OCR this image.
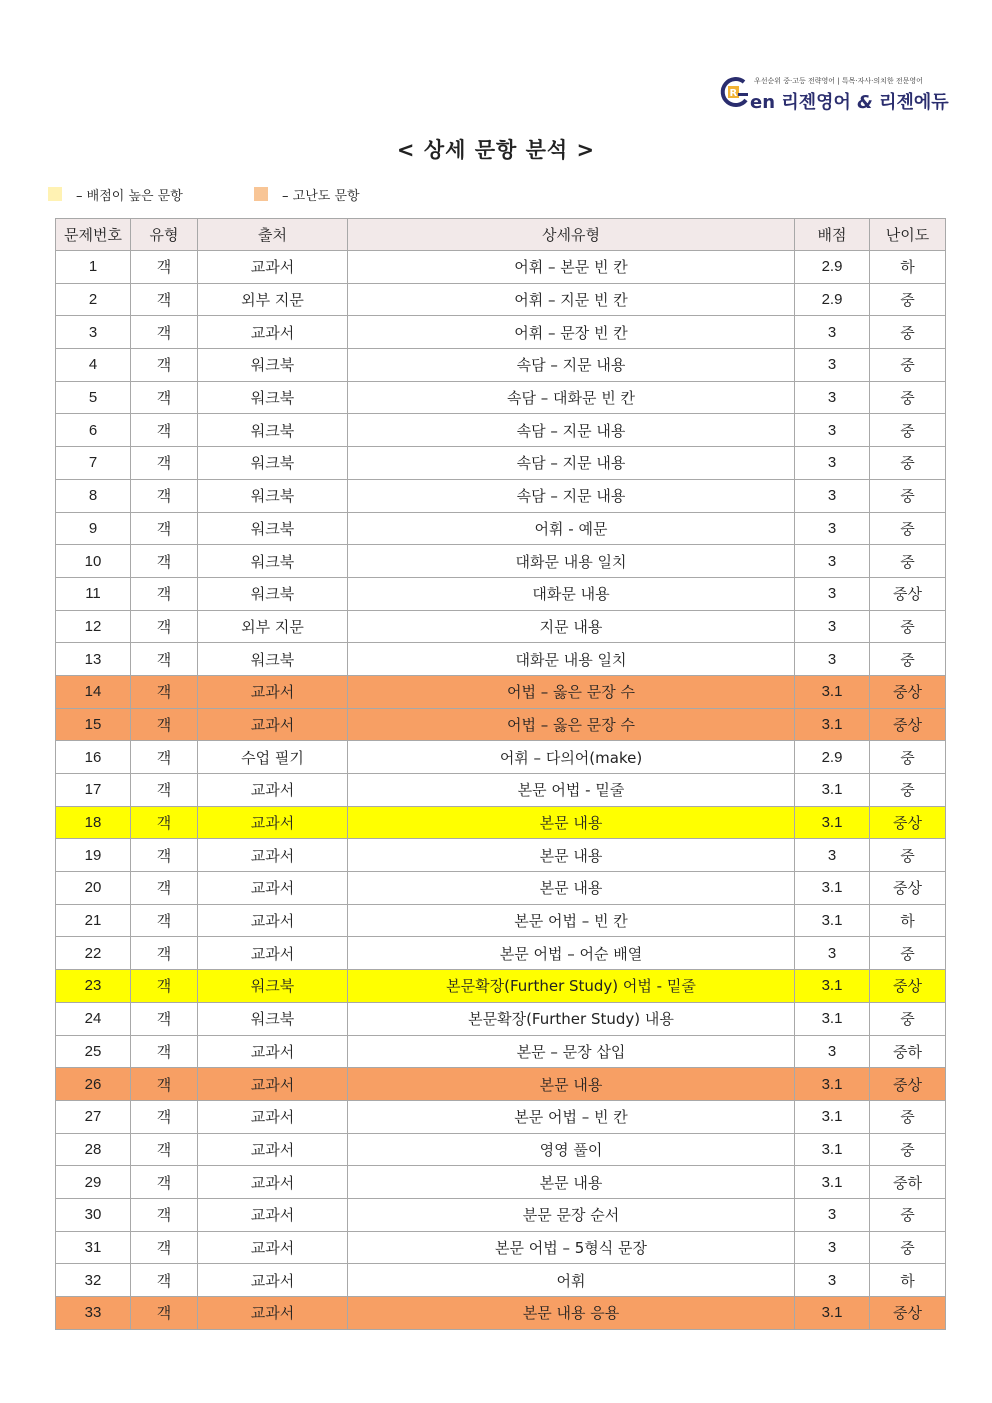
우선순위 중·고등 전략영어 | 특목·자사·의치한 전문영어
R en 리젠영어 & 리젠에듀
< 상세 문항 분석 >
– 배점이 높은 문항	– 고난도 문항
문제번호	유형	출처	상세유형	배점	난이도
1	객	교과서	어휘 – 본문 빈 칸	2.9	하
2	객	외부 지문	어휘 – 지문 빈 칸	2.9	중
3	객	교과서	어휘 – 문장 빈 칸	3	중
4	객	워크북	속담 – 지문 내용	3	중
5	객	워크북	속담 – 대화문 빈 칸	3	중
6	객	워크북	속담 – 지문 내용	3	중
7	객	워크북	속담 – 지문 내용	3	중
8	객	워크북	속담 – 지문 내용	3	중
9	객	워크북	어휘 - 예문	3	중
10	객	워크북	대화문 내용 일치	3	중
11	객	워크북	대화문 내용	3	중상
12	객	외부 지문	지문 내용	3	중
13	객	워크북	대화문 내용 일치	3	중
14	객	교과서	어법 – 옳은 문장 수	3.1	중상
15	객	교과서	어법 – 옳은 문장 수	3.1	중상
16	객	수업 필기	어휘 – 다의어(make)	2.9	중
17	객	교과서	본문 어법 - 밑줄	3.1	중
18	객	교과서	본문 내용	3.1	중상
19	객	교과서	본문 내용	3	중
20	객	교과서	본문 내용	3.1	중상
21	객	교과서	본문 어법 – 빈 칸	3.1	하
22	객	교과서	본문 어법 – 어순 배열	3	중
23	객	워크북	본문확장(Further Study) 어법 - 밑줄	3.1	중상
24	객	워크북	본문확장(Further Study) 내용	3.1	중
25	객	교과서	본문 – 문장 삽입	3	중하
26	객	교과서	본문 내용	3.1	중상
27	객	교과서	본문 어법 – 빈 칸	3.1	중
28	객	교과서	영영 풀이	3.1	중
29	객	교과서	본문 내용	3.1	중하
30	객	교과서	분문 문장 순서	3	중
31	객	교과서	본문 어법 – 5형식 문장	3	중
32	객	교과서	어휘	3	하
33	객	교과서	본문 내용 응용	3.1	중상
